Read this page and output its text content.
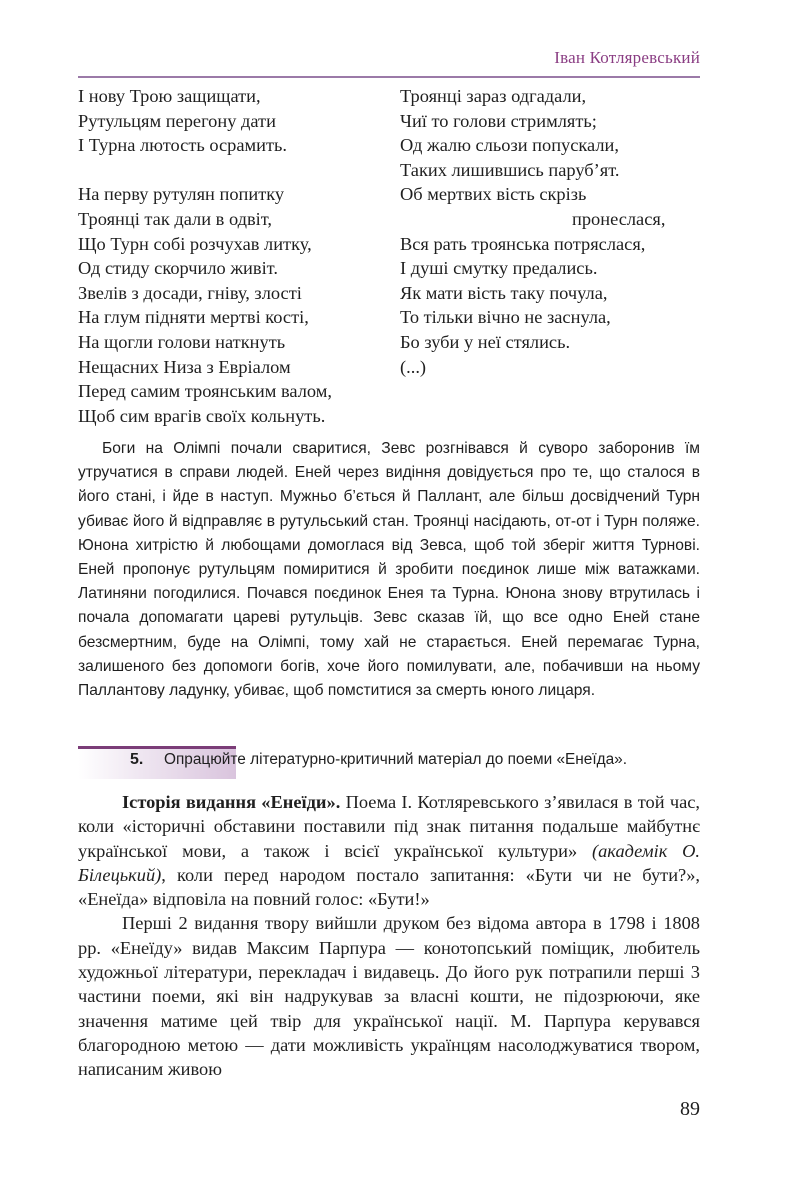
Іван Котляревський
І нову Трою защищати,
Рутульцям перегону дати
І Турна лютость осрамить.
На перву рутулян попитку
Троянці так дали в одвіт,
Що Турн собі розчухав литку,
Од стиду скорчило живіт.
Звелів з досади, гніву, злості
На глум підняти мертві кості,
На щогли голови наткнуть
Нещасних Низа з Евріалом
Перед самим троянським валом,
Щоб сим врагів своїх кольнуть.
Троянці зараз одгадали,
Чиї то голови стримлять;
Од жалю сльози попускали,
Таких лишившись паруб’ят.
Об мертвих вість скрізь
пронеслася,
Вся рать троянська потряслася,
І душі смутку предались.
Як мати вість таку почула,
То тільки вічно не заснула,
Бо зуби у неї стялись.
(...)

Боги на Олімпі почали свaритися, Зевс розгнівався й суворо заборонив їм утручатися в справи людей. Еней через видіння довідується про те, що сталося в його стані, і йде в наступ. Мужньо б’ється й Паллант, але більш досвідчений Турн убиває його й відправляє в рутульський стан. Троянці насідають, от-от і Турн поляже. Юнона хитрістю й любощами домоглася від Зевса, щоб той зберіг життя Турнові. Еней пропонує рутульцям помиритися й зробити поєдинок лише між ватажками. Латиняни погодилися. Почався поєдинок Енея та Турна. Юнона знову втрутилась і почала допомагати цареві рутульців. Зевс сказав їй, що все одно Еней стане безсмертним, буде на Олімпі, тому хай не старається. Еней перемагає Турна, залишеного без допомоги богів, хоче його помилувати, але, побачивши на ньому Паллантову ладунку, убиває, щоб помститися за смерть юного лицаря.

5. Опрацюйте літературно-критичний матеріал до поеми «Енеїда».

Історія видання «Енеїди». Поема І. Котляревського з’явилася в той час, коли «історичні обставини поставили під знак питання подальше майбутнє української мови, а також і всієї української культури» (академік О. Білецький), коли перед народом постало запитання: «Бути чи не бути?», «Енеїда» відповіла на повний голос: «Бути!»

Перші 2 видання твору вийшли друком без відома автора в 1798 і 1808 рр. «Енеїду» видав Максим Парпура — конотопський поміщик, любитель художньої літератури, перекладач і видавець. До його рук потрапили перші 3 частини поеми, які він надрукував за власні кошти, не підозрюючи, яке значення матиме цей твір для української нації. М. Парпура керувався благородною метою — дати можливість українцям насолоджуватися твором, написаним живою

89
